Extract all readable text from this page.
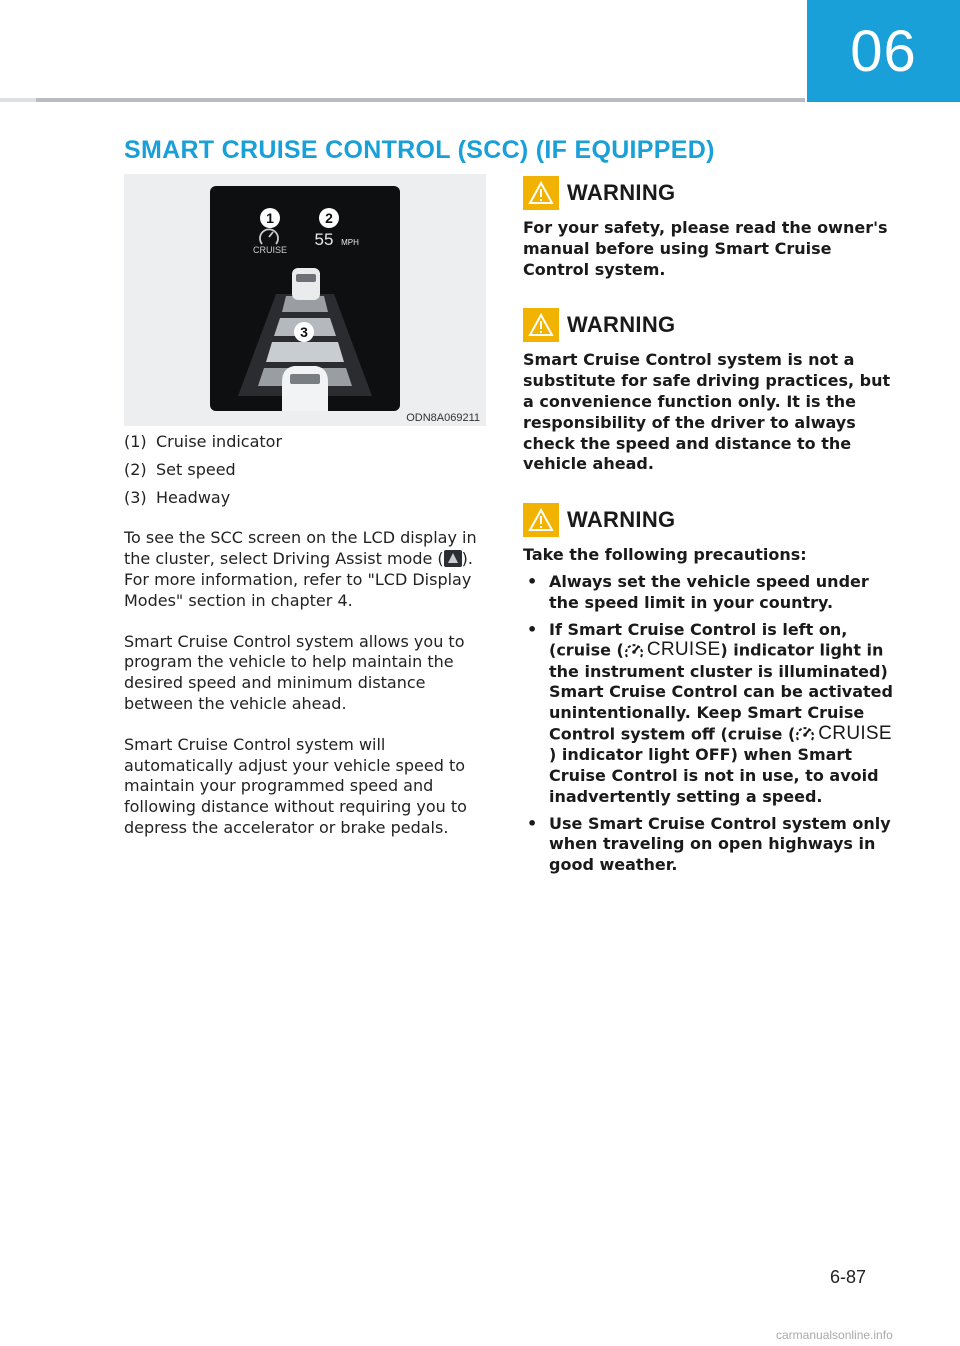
06
SMART CRUISE CONTROL (SCC) (IF EQUIPPED)
1	2
CRUISE
55 MPH
3
ODN8A069211
(1) Cruise indicator
(2) Set speed
(3) Headway

To see the SCC screen on the LCD display in the cluster, select Driving Assist mode ( ). For more information, refer to "LCD Display Modes" section in chapter 4.

Smart Cruise Control system allows you to program the vehicle to help maintain the desired speed and minimum distance between the vehicle ahead.

Smart Cruise Control system will automatically adjust your vehicle speed to maintain your programmed speed and following distance without requiring you to depress the accelerator or brake pedals.

WARNING
For your safety, please read the owner's manual before using Smart Cruise Control system.
WARNING
Smart Cruise Control system is not a substitute for safe driving practices, but a convenience function only. It is the responsibility of the driver to always check the speed and distance to the vehicle ahead.
WARNING
Take the following precautions:
• Always set the vehicle speed under the speed limit in your country.
• If Smart Cruise Control is left on, (cruise ( CRUISE ) indicator light in the instrument cluster is illuminated) Smart Cruise Control can be activated unintentionally. Keep Smart Cruise Control system off (cruise ( CRUISE
) indicator light OFF) when Smart Cruise Control is not in use, to avoid inadvertently setting a speed.
• Use Smart Cruise Control system only when traveling on open highways in good weather.
6-87
carmanualsonline.info
